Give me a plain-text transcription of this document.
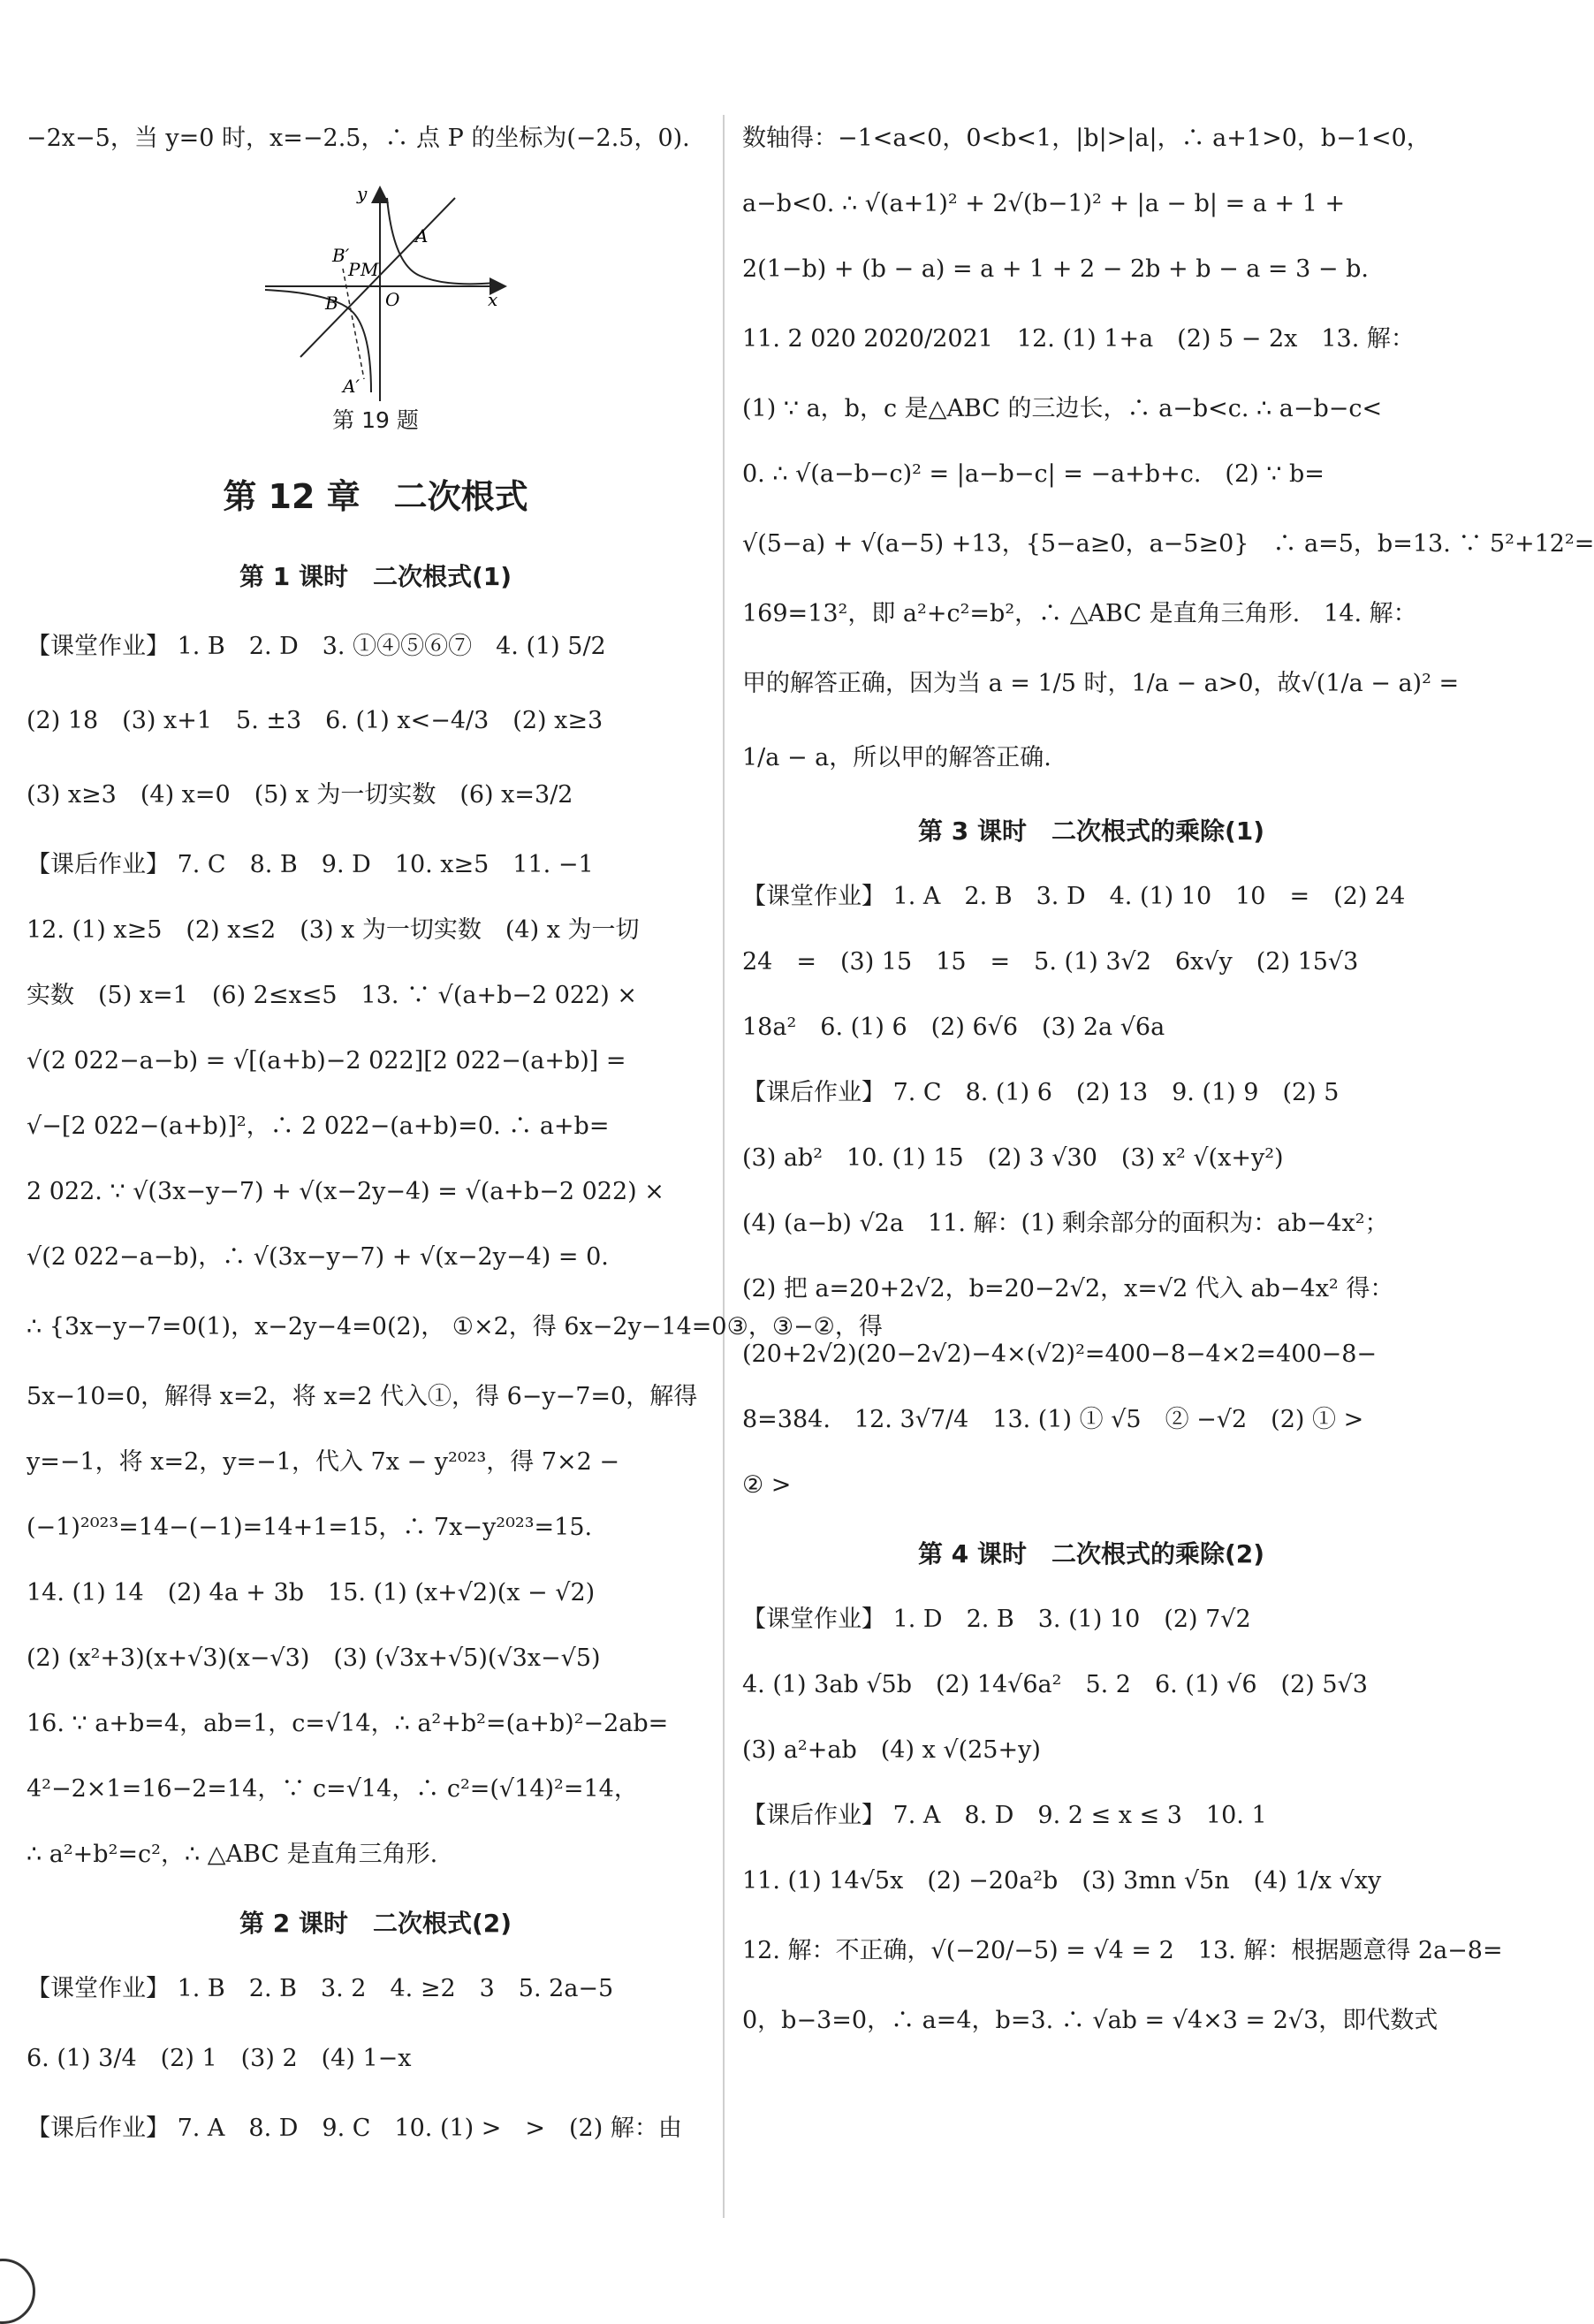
−2x−5，当 y=0 时，x=−2.5，∴ 点 P 的坐标为(−2.5，0).

x
y
O
A
A′
B
B′
P M
第 19 题
第 12 章　二次根式
第 1 课时　二次根式(1)

【课堂作业】 1. B　2. D　3. ①④⑤⑥⑦　4. (1) 5/2

(2) 18　(3) x+1　5. ±3　6. (1) x<−4/3　(2) x≥3

(3) x≥3　(4) x=0　(5) x 为一切实数　(6) x=3/2

【课后作业】 7. C　8. B　9. D　10. x≥5　11. −1

12. (1) x≥5　(2) x≤2　(3) x 为一切实数　(4) x 为一切

实数　(5) x=1　(6) 2≤x≤5　13. ∵ √(a+b−2 022) ×

√(2 022−a−b) = √[(a+b)−2 022][2 022−(a+b)] =

√−[2 022−(a+b)]²，∴ 2 022−(a+b)=0. ∴ a+b=

2 022. ∵ √(3x−y−7) + √(x−2y−4) = √(a+b−2 022) ×

√(2 022−a−b)，∴ √(3x−y−7) + √(x−2y−4) = 0.

∴ {3x−y−7=0(1)，x−2y−4=0(2)， ①×2，得 6x−2y−14=0③，③−②，得

5x−10=0，解得 x=2，将 x=2 代入①，得 6−y−7=0，解得

y=−1，将 x=2，y=−1，代入 7x − y²⁰²³，得 7×2 −

(−1)²⁰²³=14−(−1)=14+1=15，∴ 7x−y²⁰²³=15.

14. (1) 14　(2) 4a + 3b　15. (1) (x+√2)(x − √2)

(2) (x²+3)(x+√3)(x−√3)　(3) (√3x+√5)(√3x−√5)

16. ∵ a+b=4，ab=1，c=√14，∴ a²+b²=(a+b)²−2ab=

4²−2×1=16−2=14，∵ c=√14，∴ c²=(√14)²=14，

∴ a²+b²=c²，∴ △ABC 是直角三角形.

第 2 课时　二次根式(2)

【课堂作业】 1. B　2. B　3. 2　4. ≥2　3　5. 2a−5

6. (1) 3/4　(2) 1　(3) 2　(4) 1−x

【课后作业】 7. A　8. D　9. C　10. (1) >　>　(2) 解：由

数轴得：−1<a<0，0<b<1，|b|>|a|，∴ a+1>0，b−1<0，

a−b<0. ∴ √(a+1)² + 2√(b−1)² + |a − b| = a + 1 +

2(1−b) + (b − a) = a + 1 + 2 − 2b + b − a = 3 − b.

11. 2 020 2020/2021　12. (1) 1+a　(2) 5 − 2x　13. 解：

(1) ∵ a，b，c 是△ABC 的三边长，∴ a−b<c. ∴ a−b−c<

0. ∴ √(a−b−c)² = |a−b−c| = −a+b+c.　(2) ∵ b=

√(5−a) + √(a−5) +13，{5−a≥0，a−5≥0}　∴ a=5，b=13. ∵ 5²+12²=

169=13²，即 a²+c²=b²，∴ △ABC 是直角三角形.　14. 解：

甲的解答正确，因为当 a = 1/5 时，1/a − a>0，故√(1/a − a)² =

1/a − a，所以甲的解答正确.

第 3 课时　二次根式的乘除(1)

【课堂作业】 1. A　2. B　3. D　4. (1) 10　10　=　(2) 24

24　=　(3) 15　15　=　5. (1) 3√2　6x√y　(2) 15√3

18a²　6. (1) 6　(2) 6√6　(3) 2a √6a

【课后作业】 7. C　8. (1) 6　(2) 13　9. (1) 9　(2) 5

(3) ab²　10. (1) 15　(2) 3 √30　(3) x² √(x+y²)

(4) (a−b) √2a　11. 解：(1) 剩余部分的面积为：ab−4x²；

(2) 把 a=20+2√2，b=20−2√2，x=√2 代入 ab−4x² 得：

(20+2√2)(20−2√2)−4×(√2)²=400−8−4×2=400−8−

8=384.　12. 3√7/4　13. (1) ① √5　② −√2　(2) ① >

② >

第 4 课时　二次根式的乘除(2)

【课堂作业】 1. D　2. B　3. (1) 10　(2) 7√2

4. (1) 3ab √5b　(2) 14√6a²　5. 2　6. (1) √6　(2) 5√3

(3) a²+ab　(4) x √(25+y)

【课后作业】 7. A　8. D　9. 2 ≤ x ≤ 3　10. 1

11. (1) 14√5x　(2) −20a²b　(3) 3mn √5n　(4) 1/x √xy

12. 解：不正确，√(−20/−5) = √4 = 2　13. 解：根据题意得 2a−8=

0，b−3=0，∴ a=4，b=3. ∴ √ab = √4×3 = 2√3，即代数式
